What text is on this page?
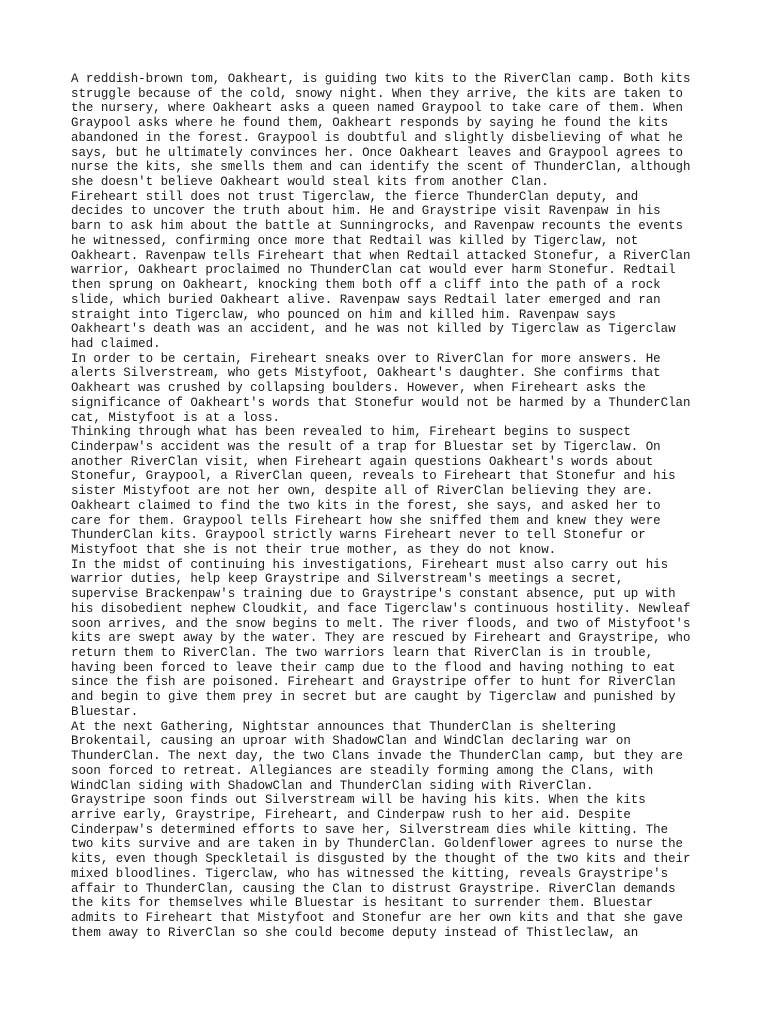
A reddish-brown tom, Oakheart, is guiding two kits to the RiverClan camp. Both kits
struggle because of the cold, snowy night. When they arrive, the kits are taken to
the nursery, where Oakheart asks a queen named Graypool to take care of them. When
Graypool asks where he found them, Oakheart responds by saying he found the kits
abandoned in the forest. Graypool is doubtful and slightly disbelieving of what he
says, but he ultimately convinces her. Once Oakheart leaves and Graypool agrees to
nurse the kits, she smells them and can identify the scent of ThunderClan, although
she doesn't believe Oakheart would steal kits from another Clan.
Fireheart still does not trust Tigerclaw, the fierce ThunderClan deputy, and
decides to uncover the truth about him. He and Graystripe visit Ravenpaw in his
barn to ask him about the battle at Sunningrocks, and Ravenpaw recounts the events
he witnessed, confirming once more that Redtail was killed by Tigerclaw, not
Oakheart. Ravenpaw tells Fireheart that when Redtail attacked Stonefur, a RiverClan
warrior, Oakheart proclaimed no ThunderClan cat would ever harm Stonefur. Redtail
then sprung on Oakheart, knocking them both off a cliff into the path of a rock
slide, which buried Oakheart alive. Ravenpaw says Redtail later emerged and ran
straight into Tigerclaw, who pounced on him and killed him. Ravenpaw says
Oakheart's death was an accident, and he was not killed by Tigerclaw as Tigerclaw
had claimed.
In order to be certain, Fireheart sneaks over to RiverClan for more answers. He
alerts Silverstream, who gets Mistyfoot, Oakheart's daughter. She confirms that
Oakheart was crushed by collapsing boulders. However, when Fireheart asks the
significance of Oakheart's words that Stonefur would not be harmed by a ThunderClan
cat, Mistyfoot is at a loss.
Thinking through what has been revealed to him, Fireheart begins to suspect
Cinderpaw's accident was the result of a trap for Bluestar set by Tigerclaw. On
another RiverClan visit, when Fireheart again questions Oakheart's words about
Stonefur, Graypool, a RiverClan queen, reveals to Fireheart that Stonefur and his
sister Mistyfoot are not her own, despite all of RiverClan believing they are.
Oakheart claimed to find the two kits in the forest, she says, and asked her to
care for them. Graypool tells Fireheart how she sniffed them and knew they were
ThunderClan kits. Graypool strictly warns Fireheart never to tell Stonefur or
Mistyfoot that she is not their true mother, as they do not know.
In the midst of continuing his investigations, Fireheart must also carry out his
warrior duties, help keep Graystripe and Silverstream's meetings a secret,
supervise Brackenpaw's training due to Graystripe's constant absence, put up with
his disobedient nephew Cloudkit, and face Tigerclaw's continuous hostility. Newleaf
soon arrives, and the snow begins to melt. The river floods, and two of Mistyfoot's
kits are swept away by the water. They are rescued by Fireheart and Graystripe, who
return them to RiverClan. The two warriors learn that RiverClan is in trouble,
having been forced to leave their camp due to the flood and having nothing to eat
since the fish are poisoned. Fireheart and Graystripe offer to hunt for RiverClan
and begin to give them prey in secret but are caught by Tigerclaw and punished by
Bluestar.
At the next Gathering, Nightstar announces that ThunderClan is sheltering
Brokentail, causing an uproar with ShadowClan and WindClan declaring war on
ThunderClan. The next day, the two Clans invade the ThunderClan camp, but they are
soon forced to retreat. Allegiances are steadily forming among the Clans, with
WindClan siding with ShadowClan and ThunderClan siding with RiverClan.
Graystripe soon finds out Silverstream will be having his kits. When the kits
arrive early, Graystripe, Fireheart, and Cinderpaw rush to her aid. Despite
Cinderpaw's determined efforts to save her, Silverstream dies while kitting. The
two kits survive and are taken in by ThunderClan. Goldenflower agrees to nurse the
kits, even though Speckletail is disgusted by the thought of the two kits and their
mixed bloodlines. Tigerclaw, who has witnessed the kitting, reveals Graystripe's
affair to ThunderClan, causing the Clan to distrust Graystripe. RiverClan demands
the kits for themselves while Bluestar is hesitant to surrender them. Bluestar
admits to Fireheart that Mistyfoot and Stonefur are her own kits and that she gave
them away to RiverClan so she could become deputy instead of Thistleclaw, an
